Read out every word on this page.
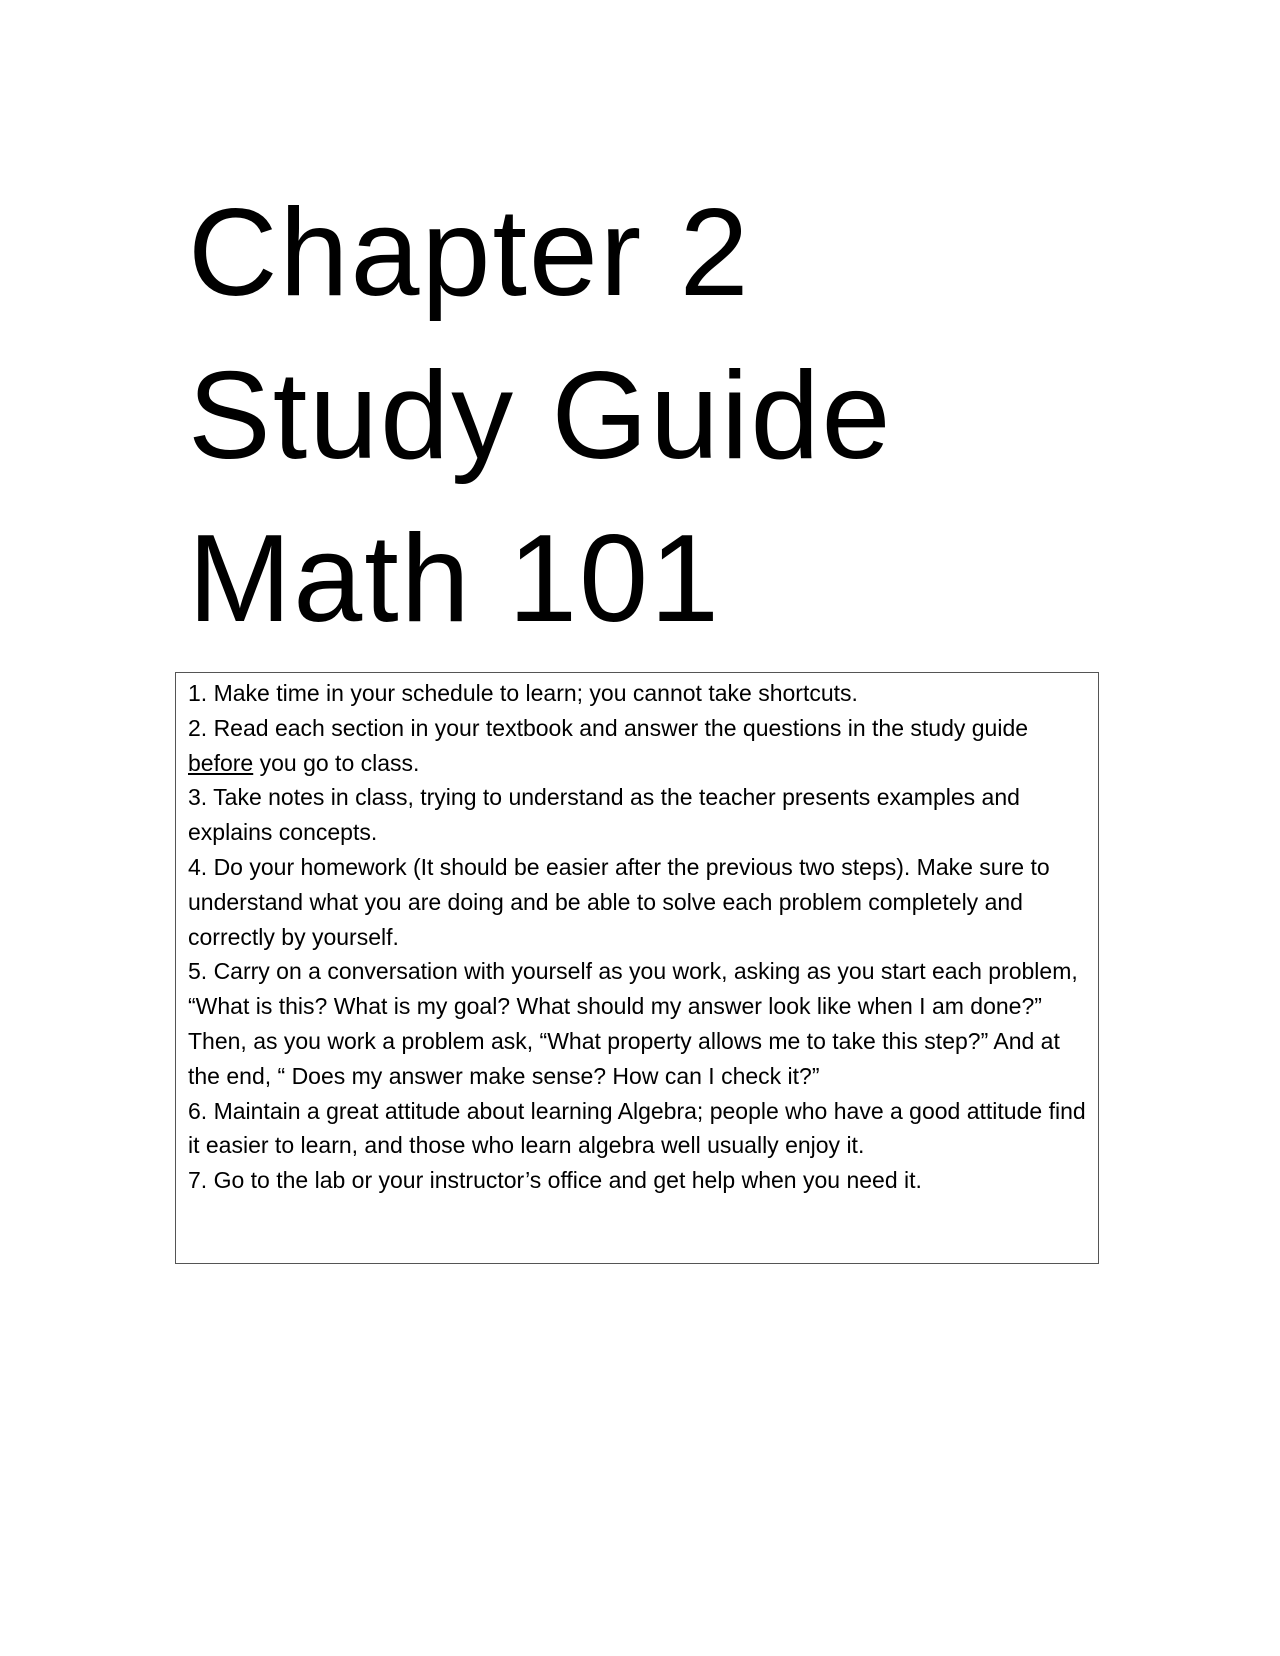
Chapter 2
Study Guide
Math 101

1. Make time in your schedule to learn; you cannot take shortcuts.

2. Read each section in your textbook and answer the questions in the study guide before you go to class.

3. Take notes in class, trying to understand as the teacher presents examples and explains concepts.

4. Do your homework (It should be easier after the previous two steps). Make sure to understand what you are doing and be able to solve each problem completely and correctly by yourself.

5. Carry on a conversation with yourself as you work, asking as you start each problem, “What is this? What is my goal? What should my answer look like when I am done?” Then, as you work a problem ask, “What property allows me to take this step?” And at the end, “ Does my answer make sense? How can I check it?”

6. Maintain a great attitude about learning Algebra; people who have a good attitude find it easier to learn, and those who learn algebra well usually enjoy it.

7. Go to the lab or your instructor’s office and get help when you need it.
